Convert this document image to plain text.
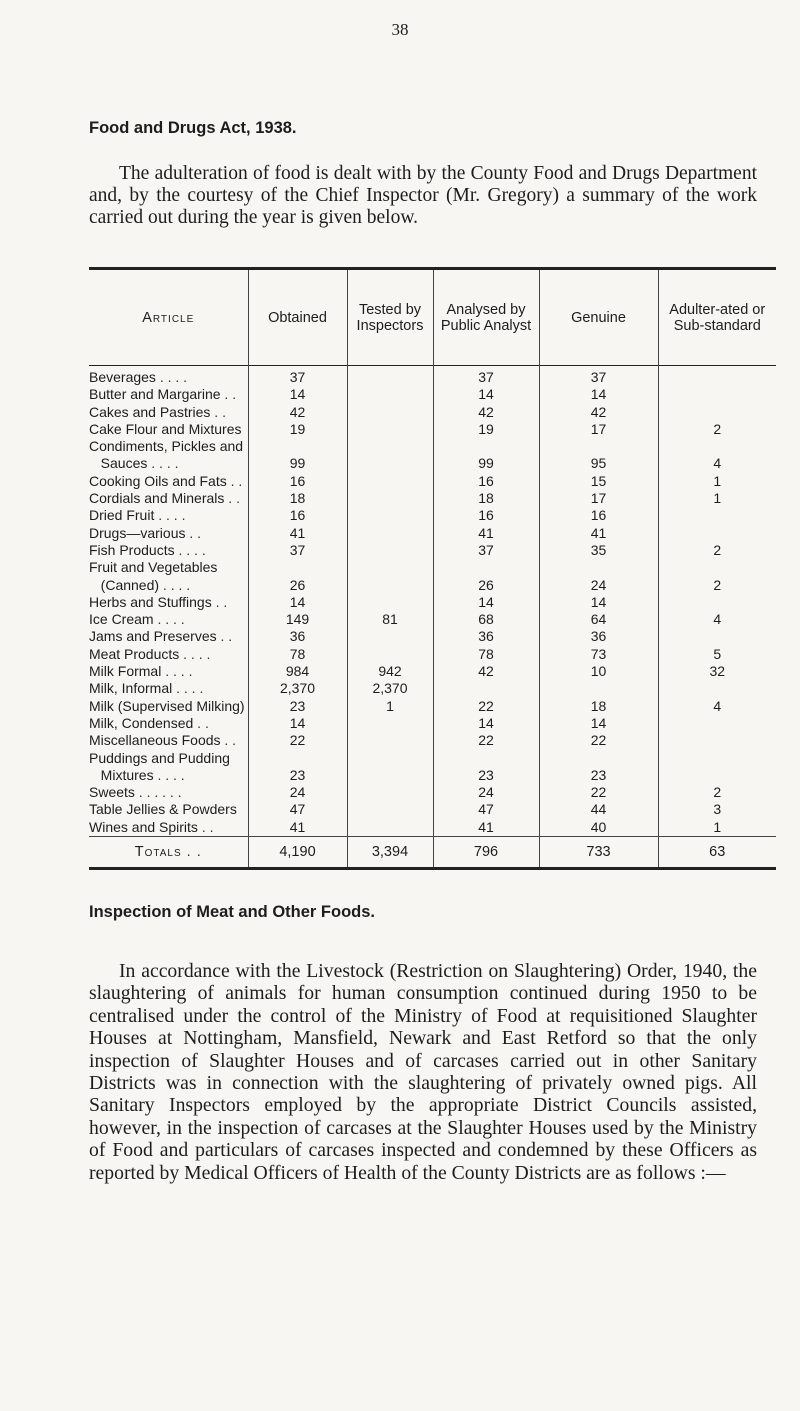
38
Food and Drugs Act, 1938.

The adulteration of food is dealt with by the County Food and Drugs Department and, by the courtesy of the Chief Inspector (Mr. Gregory) a summary of the work carried out during the year is given below.

Article	Obtained	Tested by Inspectors	Analysed by Public Analyst	Genuine	Adulter-ated or Sub-standard
Beverages . . . .	37		37	37	
Butter and Margarine . .	14		14	14	
Cakes and Pastries . .	42		42	42	
Cake Flour and Mixtures	19		19	17	2

Condiments, Pickles and
Sauces . . . .	99		99	95	4
Cooking Oils and Fats . .	16		16	15	1
Cordials and Minerals . .	18		18	17	1
Dried Fruit . . . .	16		16	16	
Drugs—various . .	41		41	41	
Fish Products . . . .	37		37	35	2

Fruit and Vegetables
(Canned) . . . .	26		26	24	2
Herbs and Stuffings . .	14		14	14	
Ice Cream . . . .	149	81	68	64	4
Jams and Preserves . .	36		36	36	
Meat Products . . . .	78		78	73	5
Milk Formal . . . .	984	942	42	10	32
Milk, Informal . . . .	2,370	2,370			
Milk (Supervised Milking)	23	1	22	18	4
Milk, Condensed . .	14		14	14	
Miscellaneous Foods . .	22		22	22	

Puddings and Pudding
Mixtures . . . .	23		23	23	
Sweets . . . . . .	24		24	22	2
Table Jellies & Powders	47		47	44	3
Wines and Spirits . .	41		41	40	1
Totals . .	4,190	3,394	796	733	63
Inspection of Meat and Other Foods.

In accordance with the Livestock (Restriction on Slaughtering) Order, 1940, the slaughtering of animals for human consumption continued during 1950 to be centralised under the control of the Ministry of Food at requisitioned Slaughter Houses at Nottingham, Mansfield, Newark and East Retford so that the only inspection of Slaughter Houses and of carcases carried out in other Sanitary Districts was in connection with the slaughtering of privately owned pigs. All Sanitary Inspectors employed by the appropriate District Councils assisted, however, in the inspection of carcases at the Slaughter Houses used by the Ministry of Food and particulars of carcases inspected and condemned by these Officers as reported by Medical Officers of Health of the County Districts are as follows :—
